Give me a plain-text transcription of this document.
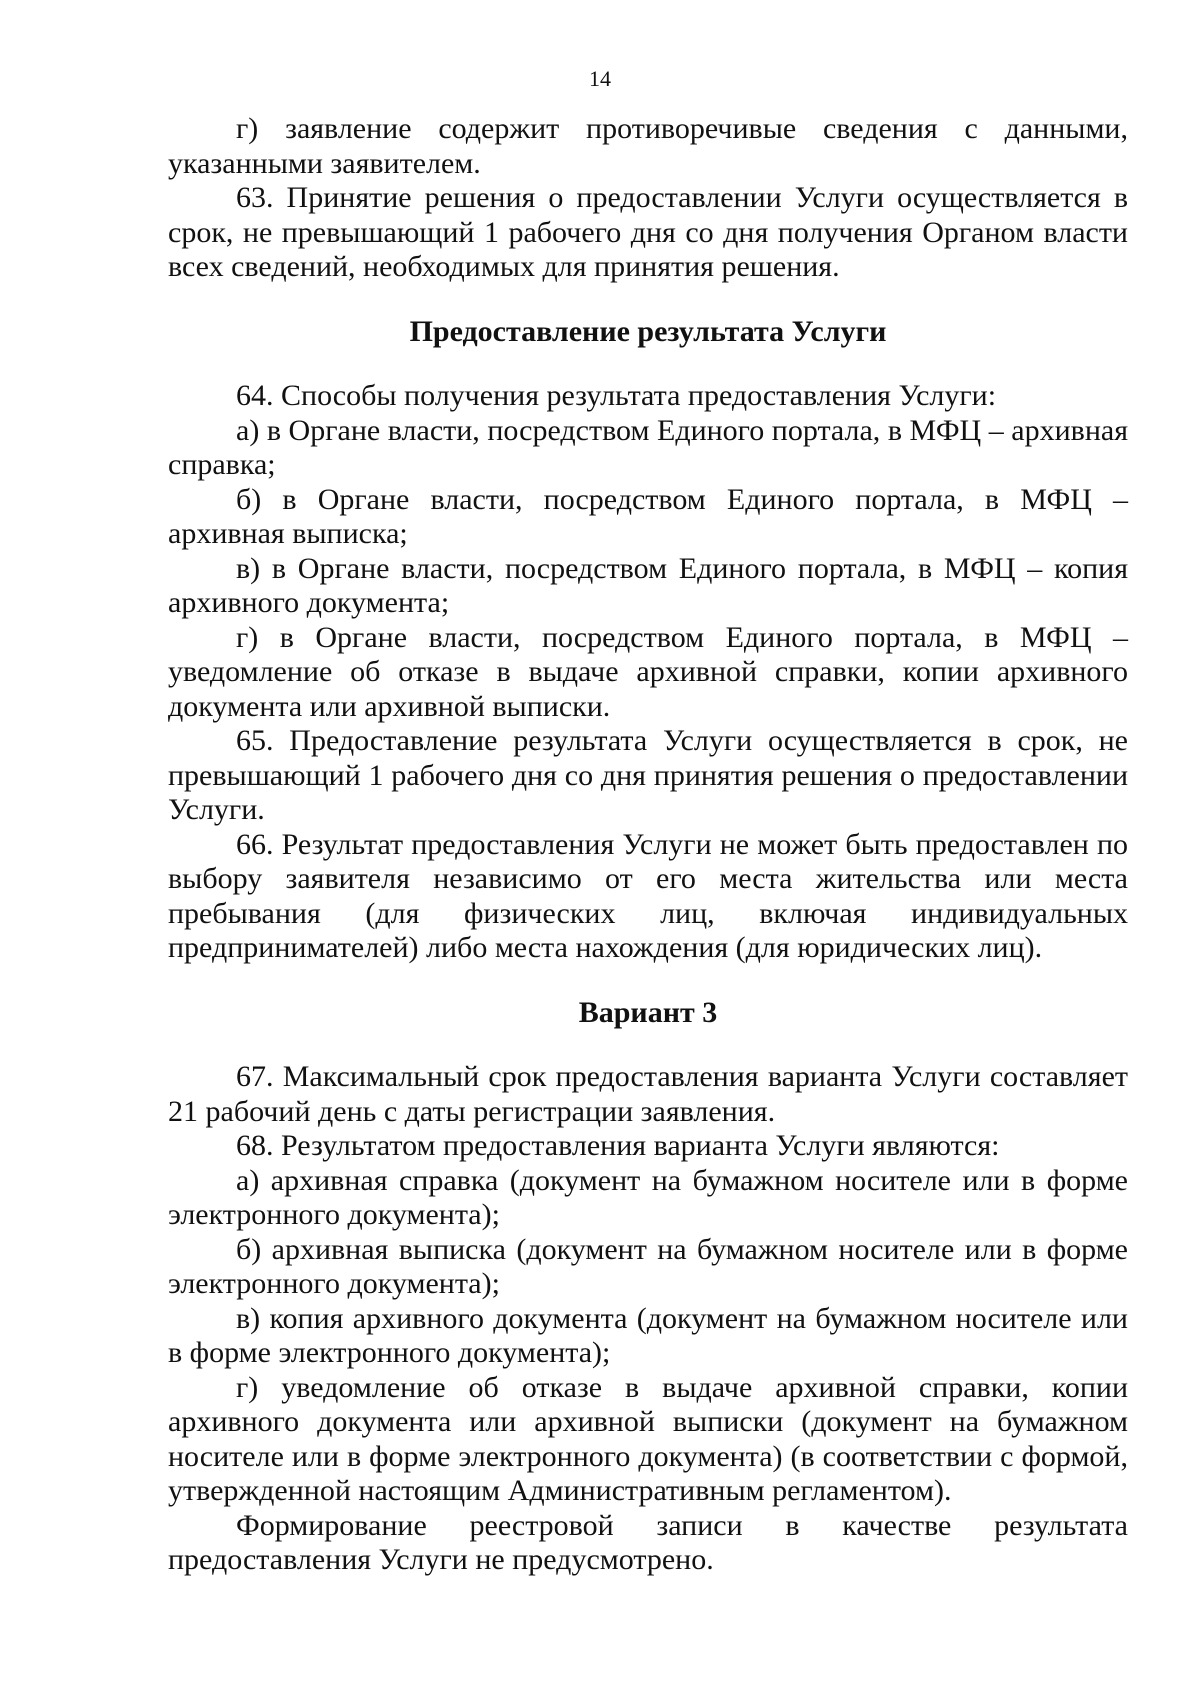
14

г) заявление содержит противоречивые сведения с данными, указанными заявителем.

63. Принятие решения о предоставлении Услуги осуществляется в срок, не превышающий 1 рабочего дня со дня получения Органом власти всех сведений, необходимых для принятия решения.

Предоставление результата Услуги

64. Способы получения результата предоставления Услуги:

а) в Органе власти, посредством Единого портала, в МФЦ – архивная справка;

б) в Органе власти, посредством Единого портала, в МФЦ – архивная выписка;

в) в Органе власти, посредством Единого портала, в МФЦ – копия архивного документа;

г) в Органе власти, посредством Единого портала, в МФЦ – уведомление об отказе в выдаче архивной справки, копии архивного документа или архивной выписки.

65. Предоставление результата Услуги осуществляется в срок, не превышающий 1 рабочего дня со дня принятия решения о предоставлении Услуги.

66. Результат предоставления Услуги не может быть предоставлен по выбору заявителя независимо от его места жительства или места пребывания (для физических лиц, включая индивидуальных предпринимателей) либо места нахождения (для юридических лиц).

Вариант 3

67. Максимальный срок предоставления варианта Услуги составляет 21 рабочий день с даты регистрации заявления.

68. Результатом предоставления варианта Услуги являются:

а) архивная справка (документ на бумажном носителе или в форме электронного документа);

б) архивная выписка (документ на бумажном носителе или в форме электронного документа);

в) копия архивного документа (документ на бумажном носителе или в форме электронного документа);

г) уведомление об отказе в выдаче архивной справки, копии архивного документа или архивной выписки (документ на бумажном носителе или в форме электронного документа) (в соответствии с формой, утвержденной настоящим Административным регламентом).

Формирование реестровой записи в качестве результата предоставления Услуги не предусмотрено.
